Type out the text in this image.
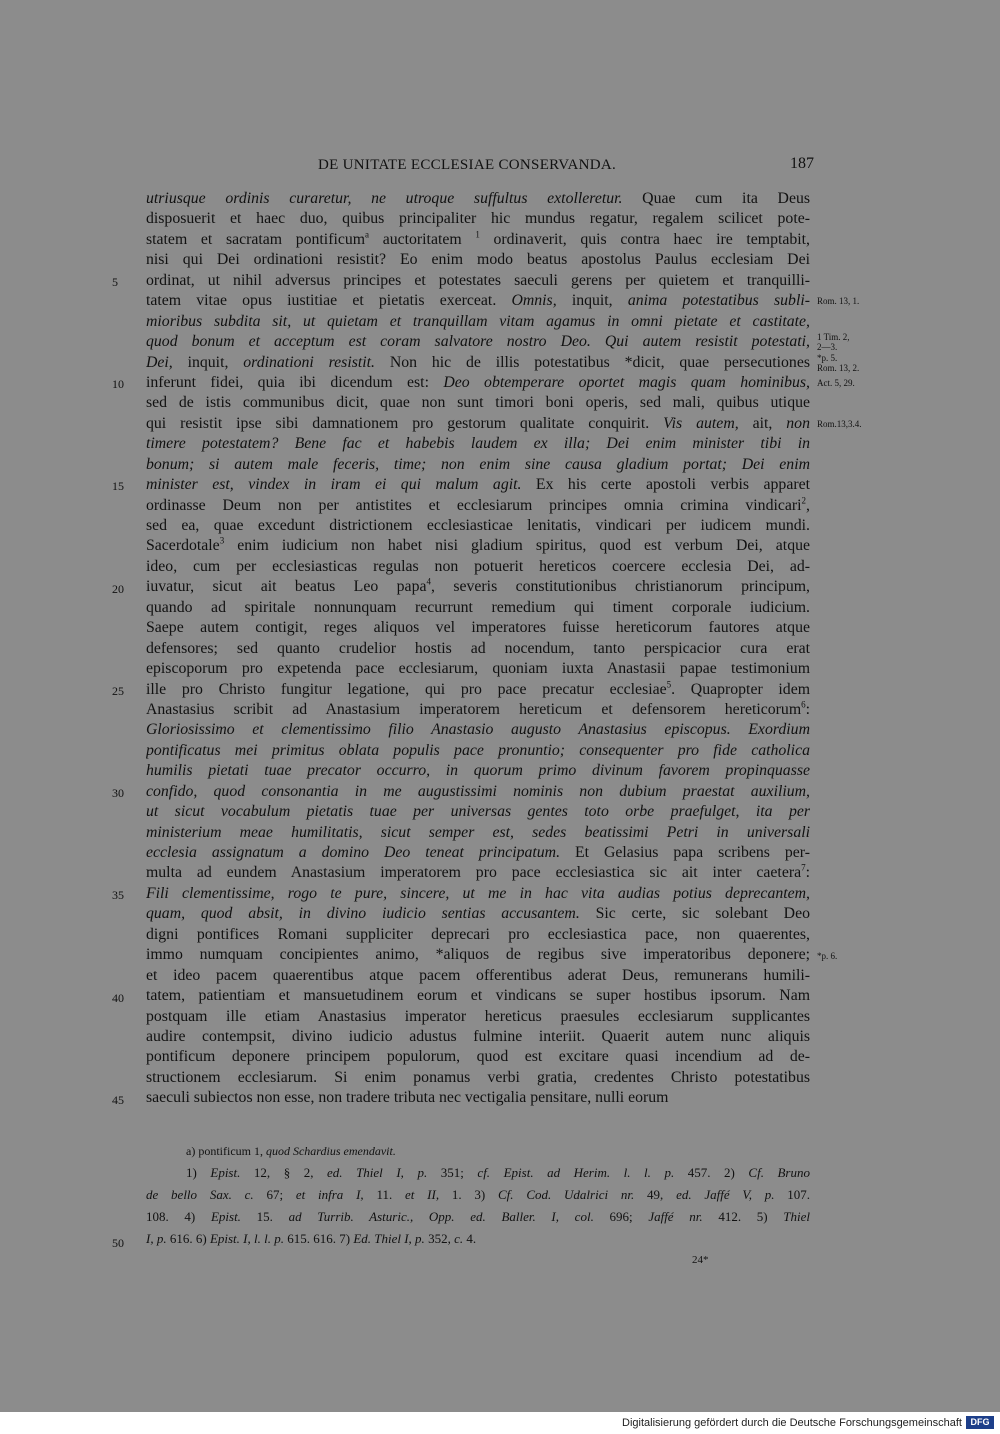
DE UNITATE ECCLESIAE CONSERVANDA.	187
utriusque ordinis curaretur, ne utroque suffultus extolleretur. Quae cum ita Deus
disposuerit et haec duo, quibus principaliter hic mundus regatur, regalem scilicet pote-
statem et sacratam pontificum$^a$ auctoritatem $^1$ ordinaverit, quis contra haec ire temptabit,
nisi qui Dei ordinationi resistit? Eo enim modo beatus apostolus Paulus ecclesiam Dei
ordinat, ut nihil adversus principes et potestates saeculi gerens per quietem et tranquilli-
tatem vitae opus iustitiae et pietatis exerceat. Omnis, inquit, anima potestatibus subli-
mioribus subdita sit, ut quietam et tranquillam vitam agamus in omni pietate et castitate,
quod bonum et acceptum est coram salvatore nostro Deo. Qui autem resistit potestati,
Dei, inquit, ordinationi resistit. Non hic de illis potestatibus *dicit, quae persecutiones
inferunt fidei, quia ibi dicendum est: Deo obtemperare oportet magis quam hominibus,
sed de istis communibus dicit, quae non sunt timori boni operis, sed mali, quibus utique
qui resistit ipse sibi damnationem pro gestorum qualitate conquirit. Vis autem, ait, non
timere potestatem? Bene fac et habebis laudem ex illa; Dei enim minister tibi in
bonum; si autem male feceris, time; non enim sine causa gladium portat; Dei enim
minister est, vindex in iram ei qui malum agit. Ex his certe apostoli verbis apparet
ordinasse Deum non per antistites et ecclesiarum principes omnia crimina vindicari$^2$,
sed ea, quae excedunt districtionem ecclesiasticae lenitatis, vindicari per iudicem mundi.
Sacerdotale$^3$ enim iudicium non habet nisi gladium spiritus, quod est verbum Dei, atque
ideo, cum per ecclesiasticas regulas non potuerit hereticos coercere ecclesia Dei, ad-
iuvatur, sicut ait beatus Leo papa$^4$, severis constitutionibus christianorum principum,
quando ad spiritale nonnunquam recurrunt remedium qui timent corporale iudicium.
Saepe autem contigit, reges aliquos vel imperatores fuisse hereticorum fautores atque
defensores; sed quanto crudelior hostis ad nocendum, tanto perspicacior cura erat
episcoporum pro expetenda pace ecclesiarum, quoniam iuxta Anastasii papae testimonium
ille pro Christo fungitur legatione, qui pro pace precatur ecclesiae$^5$. Quapropter idem
Anastasius scribit ad Anastasium imperatorem hereticum et defensorem hereticorum$^6$:
Gloriosissimo et clementissimo filio Anastasio augusto Anastasius episcopus. Exordium
pontificatus mei primitus oblata populis pace pronuntio; consequenter pro fide catholica
humilis pietati tuae precator occurro, in quorum primo divinum favorem propinquasse
confido, quod consonantia in me augustissimi nominis non dubium praestat auxilium,
ut sicut vocabulum pietatis tuae per universas gentes toto orbe praefulget, ita per
ministerium meae humilitatis, sicut semper est, sedes beatissimi Petri in universali
ecclesia assignatum a domino Deo teneat principatum. Et Gelasius papa scribens per-
multa ad eundem Anastasium imperatorem pro pace ecclesiastica sic ait inter caetera$^7$:
Fili clementissime, rogo te pure, sincere, ut me in hac vita audias potius deprecantem,
quam, quod absit, in divino iudicio sentias accusantem. Sic certe, sic solebant Deo
digni pontifices Romani suppliciter deprecari pro ecclesiastica pace, non quaerentes,
immo numquam concipientes animo, *aliquos de regibus sive imperatoribus deponere;
et ideo pacem quaerentibus atque pacem offerentibus aderat Deus, remunerans humili-
tatem, patientiam et mansuetudinem eorum et vindicans se super hostibus ipsorum. Nam
postquam ille etiam Anastasius imperator hereticus praesules ecclesiarum supplicantes
audire contempsit, divino iudicio adustus fulmine interiit. Quaerit autem nunc aliquis
pontificum deponere principem populorum, quod est excitare quasi incendium ad de-
structionem ecclesiarum. Si enim ponamus verbi gratia, credentes Christo potestatibus
saeculi subiectos non esse, non tradere tributa nec vectigalia pensitare, nulli eorum
5
10
15
20
25
30
35
40
45
Rom. 13, 1.
1 Tim. 2,
2—3.
*p. 5.
Rom. 13, 2.
Act. 5, 29.
Rom.13,3.4.
*p. 6.
a) pontificum 1, quod Schardius emendavit.
1) Epist. 12, § 2, ed. Thiel I, p. 351; cf. Epist. ad Herim. l. l. p. 457. 2) Cf. Bruno
de bello Sax. c. 67; et infra I, 11. et II, 1. 3) Cf. Cod. Udalrici nr. 49, ed. Jaffé V, p. 107.
108. 4) Epist. 15. ad Turrib. Asturic., Opp. ed. Baller. I, col. 696; Jaffé nr. 412. 5) Thiel
I, p. 616. 6) Epist. I, l. l. p. 615. 616. 7) Ed. Thiel I, p. 352, c. 4.
50
24*
Digitalisierung gefördert durch die Deutsche Forschungsgemeinschaft DFG
